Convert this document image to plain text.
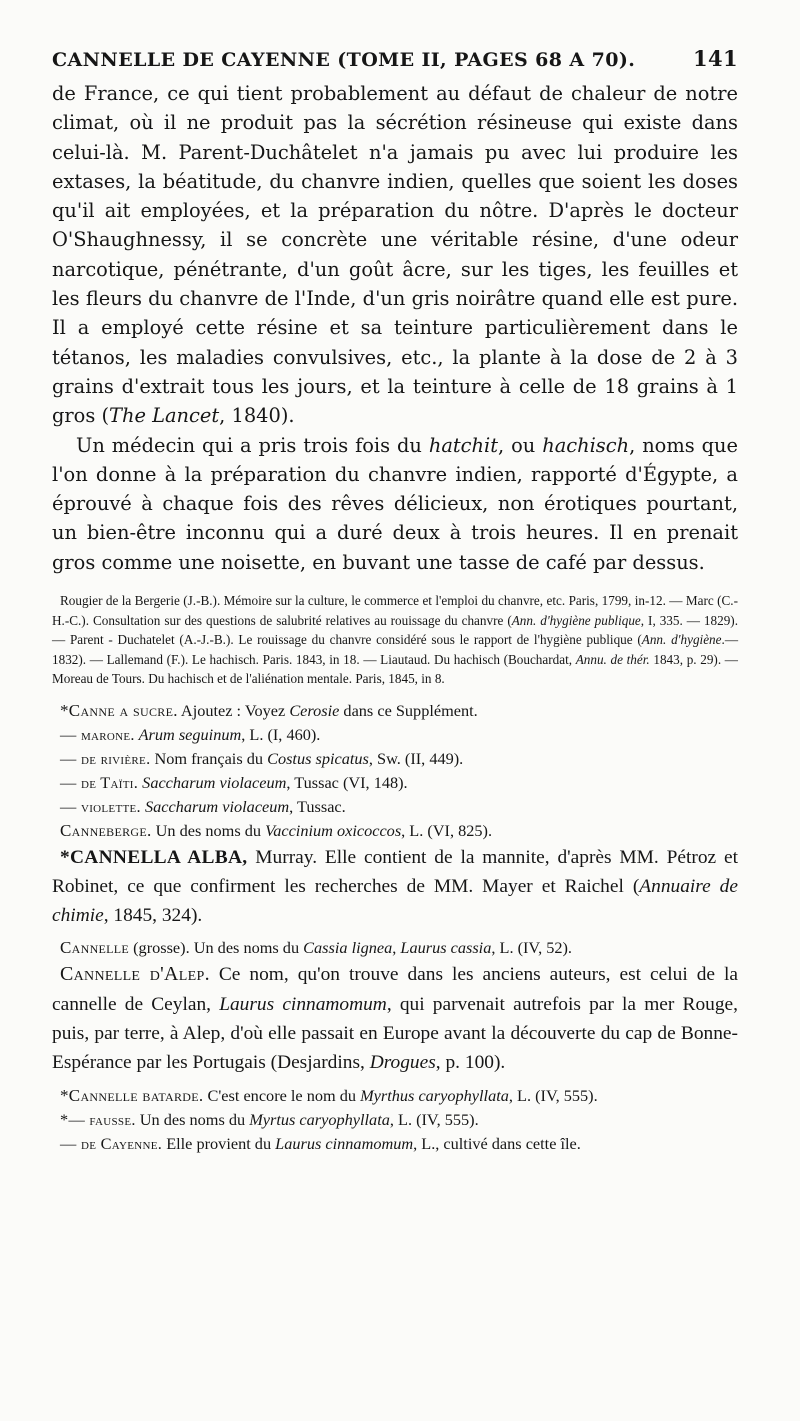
CANNELLE DE CAYENNE (TOME II, PAGES 68 A 70).	141

de France, ce qui tient probablement au défaut de chaleur de notre climat, où il ne produit pas la sécrétion résineuse qui existe dans celui-là. M. Parent-Duchâtelet n'a jamais pu avec lui produire les extases, la béatitude, du chanvre indien, quelles que soient les doses qu'il ait employées, et la préparation du nôtre. D'après le docteur O'Shaughnessy, il se concrète une véritable résine, d'une odeur narcotique, pénétrante, d'un goût âcre, sur les tiges, les feuilles et les fleurs du chanvre de l'Inde, d'un gris noirâtre quand elle est pure. Il a employé cette résine et sa teinture particulièrement dans le tétanos, les maladies convulsives, etc., la plante à la dose de 2 à 3 grains d'extrait tous les jours, et la teinture à celle de 18 grains à 1 gros (The Lancet, 1840).

Un médecin qui a pris trois fois du hatchit, ou hachisch, noms que l'on donne à la préparation du chanvre indien, rapporté d'Égypte, a éprouvé à chaque fois des rêves délicieux, non érotiques pourtant, un bien-être inconnu qui a duré deux à trois heures. Il en prenait gros comme une noisette, en buvant une tasse de café par dessus.

Rougier de la Bergerie (J.-B.). Mémoire sur la culture, le commerce et l'emploi du chanvre, etc. Paris, 1799, in-12. — Marc (C.-H.-C.). Consultation sur des questions de salubrité relatives au rouissage du chanvre (Ann. d'hygiène publique, I, 335. — 1829). — Parent - Duchatelet (A.-J.-B.). Le rouissage du chanvre considéré sous le rapport de l'hygiène publique (Ann. d'hygiène.—1832). — Lallemand (F.). Le hachisch. Paris. 1843, in 18. — Liautaud. Du hachisch (Bouchardat, Annu. de thér. 1843, p. 29). — Moreau de Tours. Du hachisch et de l'aliénation mentale. Paris, 1845, in 8.

*Canne a sucre. Ajoutez : Voyez Cerosie dans ce Supplément.

— marone. Arum seguinum, L. (I, 460).

— de rivière. Nom français du Costus spicatus, Sw. (II, 449).

— de Taïti. Saccharum violaceum, Tussac (VI, 148).

— violette. Saccharum violaceum, Tussac.

Canneberge. Un des noms du Vaccinium oxicoccos, L. (VI, 825).

*CANNELLA ALBA, Murray. Elle contient de la mannite, d'après MM. Pétroz et Robinet, ce que confirment les recherches de MM. Mayer et Raichel (Annuaire de chimie, 1845, 324).

Cannelle (grosse). Un des noms du Cassia lignea, Laurus cassia, L. (IV, 52).

Cannelle d'Alep. Ce nom, qu'on trouve dans les anciens auteurs, est celui de la cannelle de Ceylan, Laurus cinnamomum, qui parvenait autrefois par la mer Rouge, puis, par terre, à Alep, d'où elle passait en Europe avant la découverte du cap de Bonne-Espérance par les Portugais (Desjardins, Drogues, p. 100).

*Cannelle batarde. C'est encore le nom du Myrthus caryophyllata, L. (IV, 555).

*— fausse. Un des noms du Myrtus caryophyllata, L. (IV, 555).

— de Cayenne. Elle provient du Laurus cinnamomum, L., cultivé dans cette île.
